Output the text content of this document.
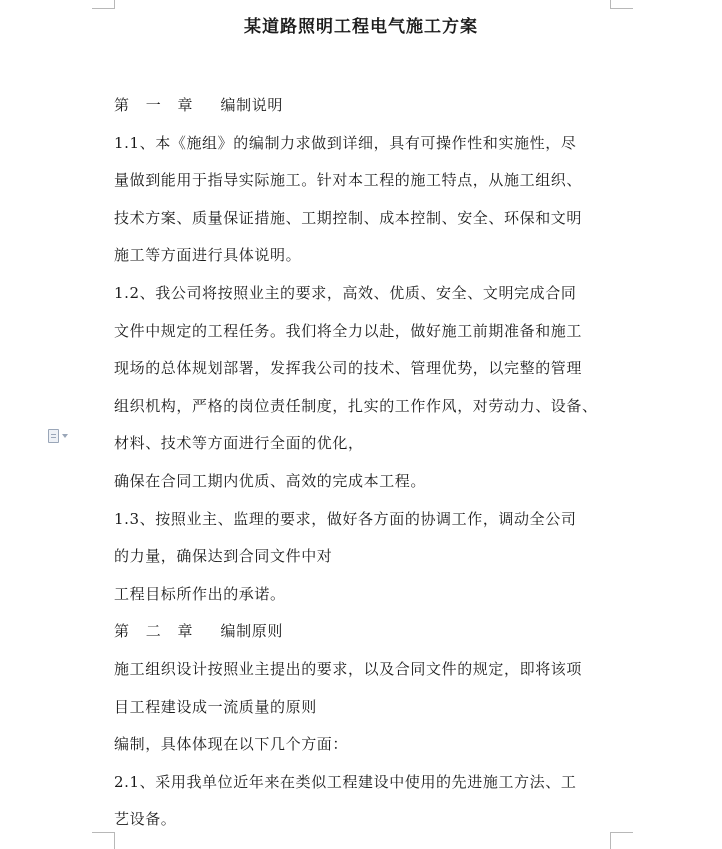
某道路照明工程电气施工方案

第 一 章 编制说明

1.1、本《施组》的编制力求做到详细，具有可操作性和实施性，尽

量做到能用于指导实际施工。针对本工程的施工特点，从施工组织、

技术方案、质量保证措施、工期控制、成本控制、安全、环保和文明

施工等方面进行具体说明。

1.2、我公司将按照业主的要求，高效、优质、安全、文明完成合同

文件中规定的工程任务。我们将全力以赴，做好施工前期准备和施工

现场的总体规划部署，发挥我公司的技术、管理优势，以完整的管理

组织机构，严格的岗位责任制度，扎实的工作作风，对劳动力、设备、

材料、技术等方面进行全面的优化，

确保在合同工期内优质、高效的完成本工程。

1.3、按照业主、监理的要求，做好各方面的协调工作，调动全公司

的力量，确保达到合同文件中对

工程目标所作出的承诺。

第 二 章 编制原则

施工组织设计按照业主提出的要求，以及合同文件的规定，即将该项

目工程建设成一流质量的原则

编制，具体体现在以下几个方面：

2.1、采用我单位近年来在类似工程建设中使用的先进施工方法、工

艺设备。
